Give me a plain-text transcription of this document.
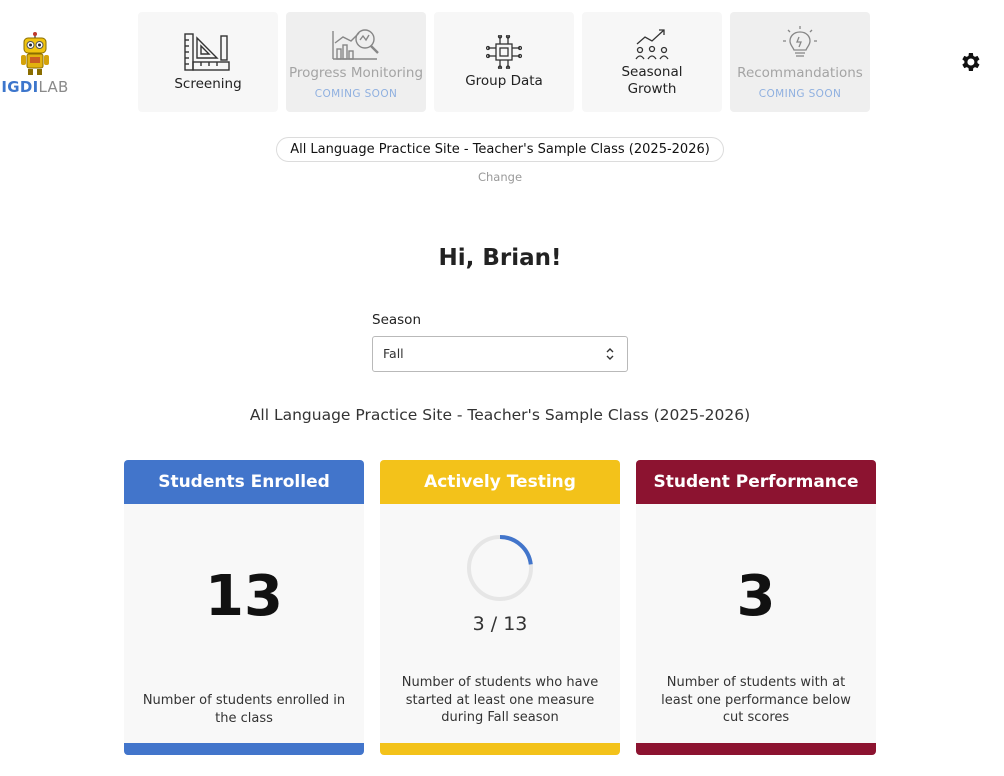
IGDILAB	Screening
Progress Monitoring
COMING SOON
Group Data
Seasonal Growth
Recommandations
COMING SOON
All Language Practice Site - Teacher's Sample Class (2025-2026)
Change
Hi, Brian!
Season
Fall
All Language Practice Site - Teacher's Sample Class (2025-2026)
Students Enrolled
13
Number of students enrolled in the class
Actively Testing
3 / 13
Number of students who have started at least one measure during Fall season
Student Performance
3
Number of students with at least one performance below cut scores
